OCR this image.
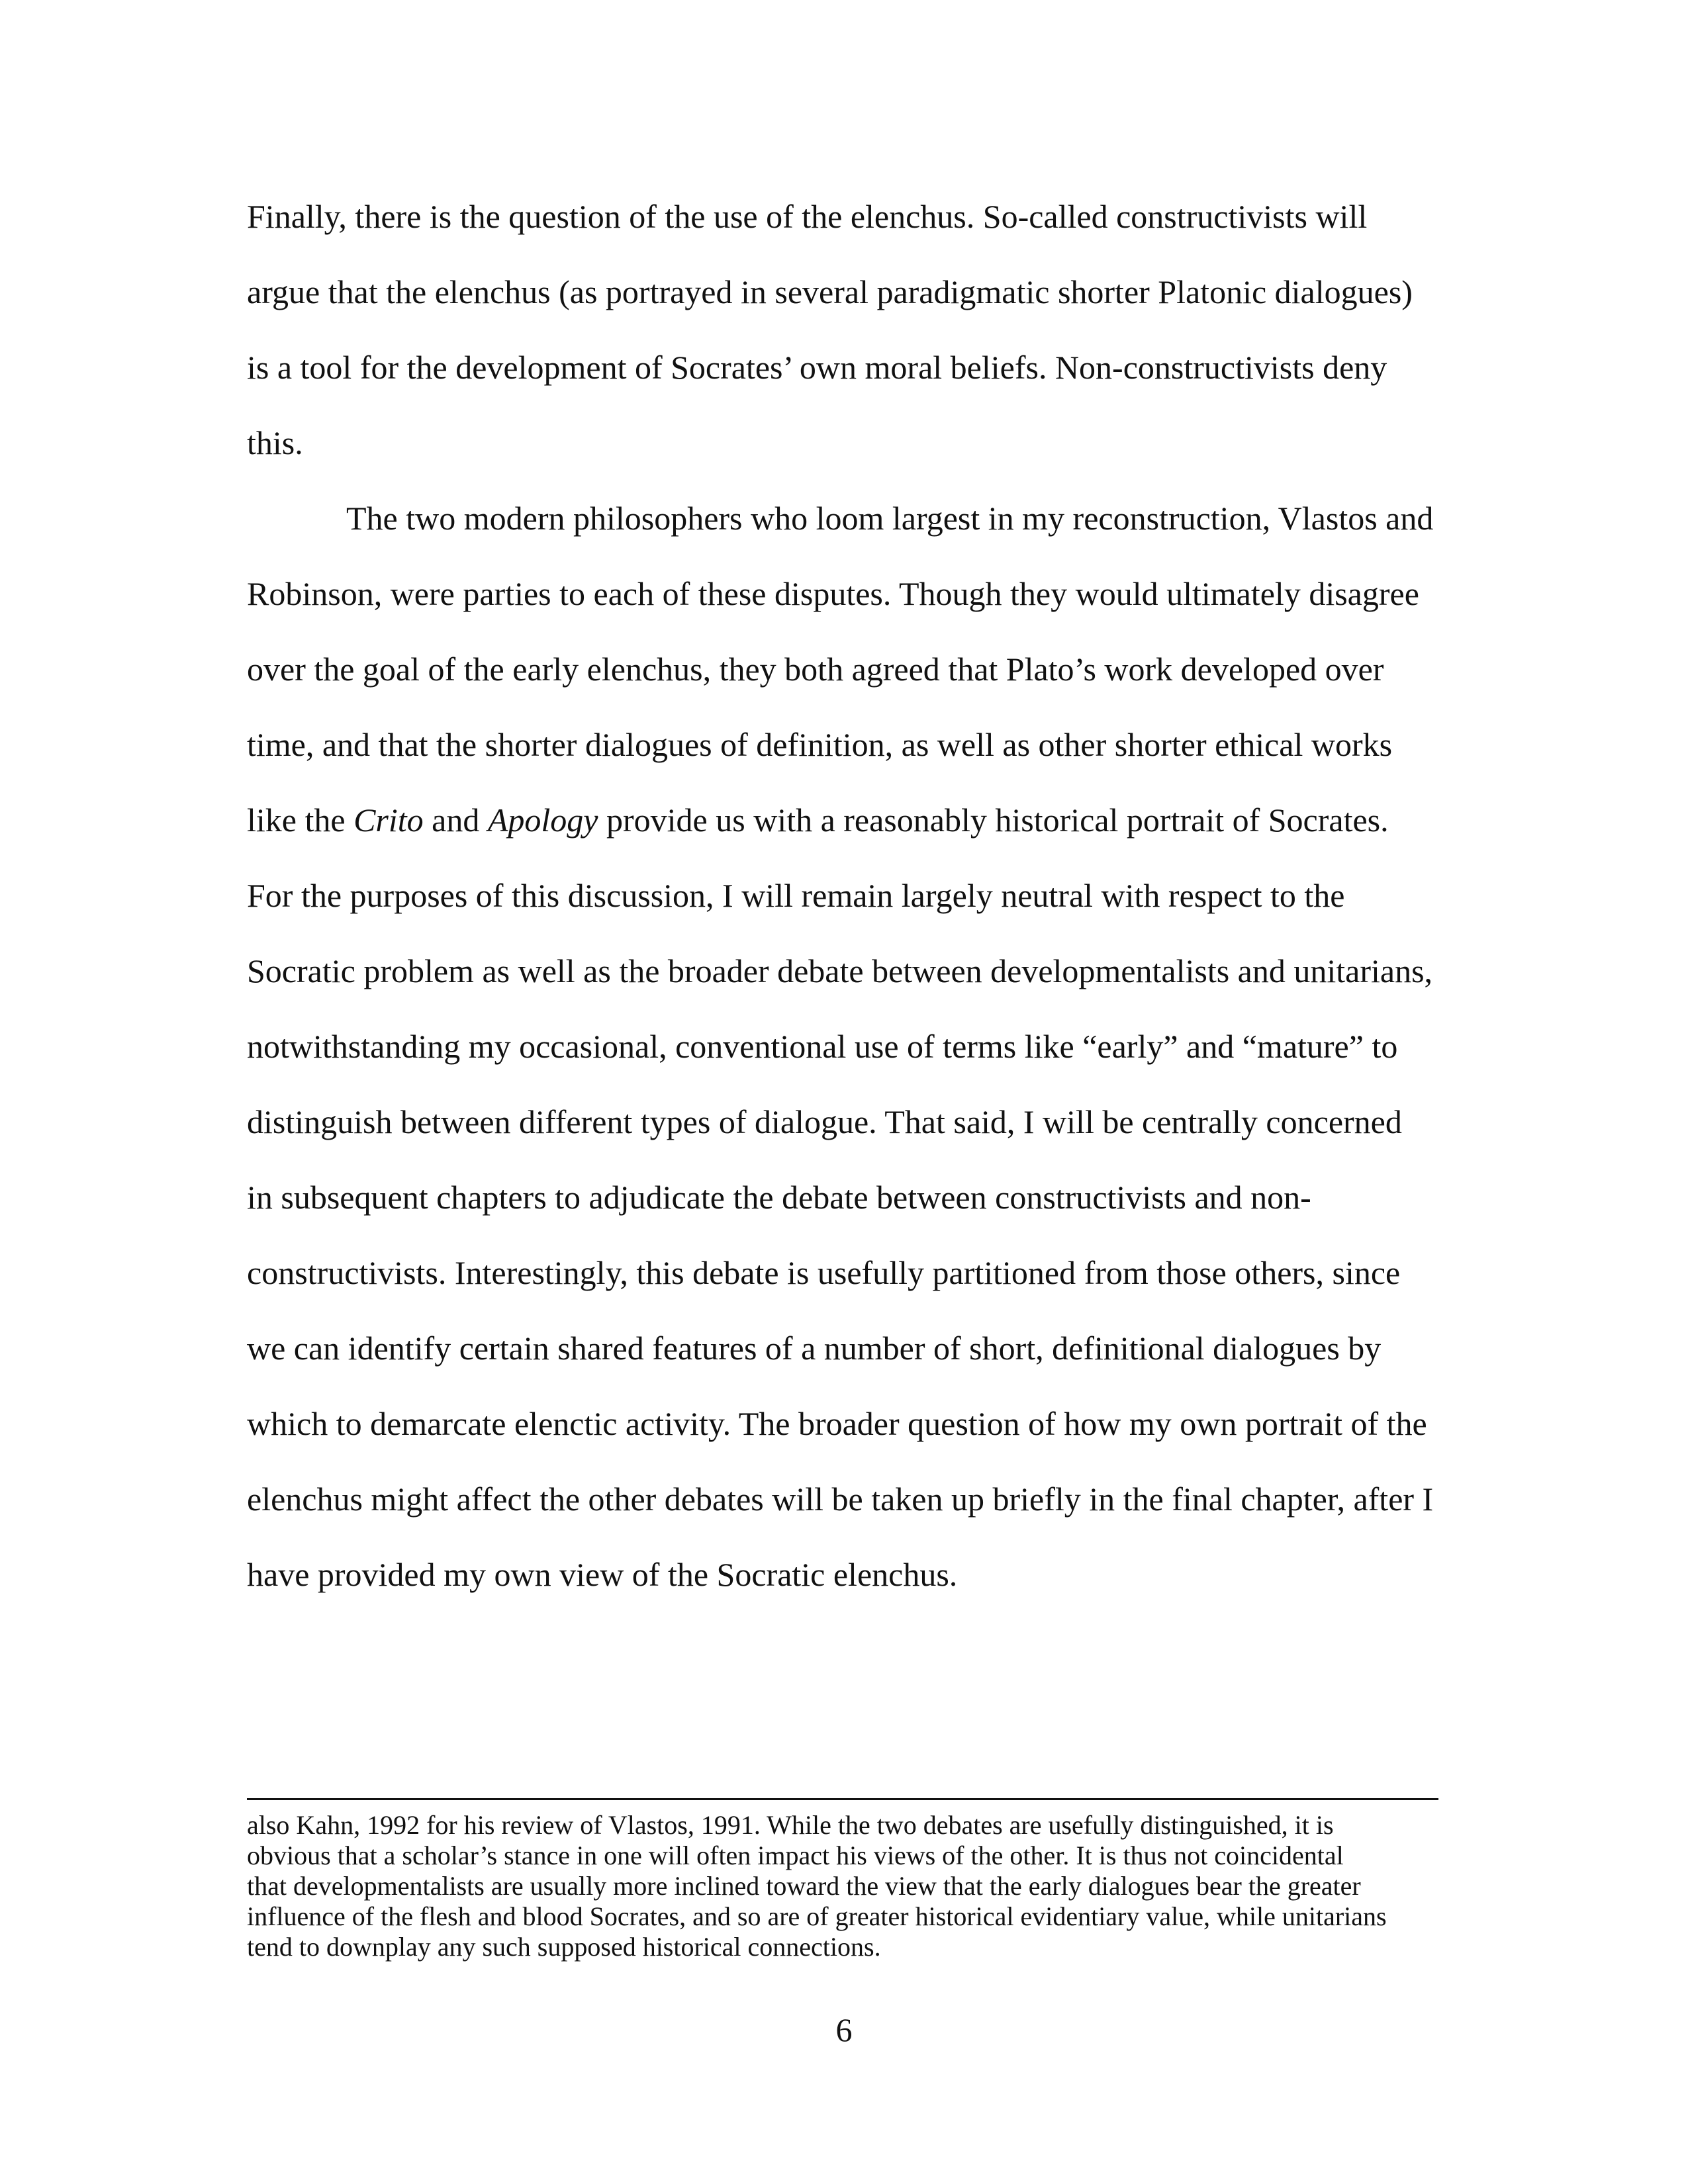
Finally, there is the question of the use of the elenchus. So-called constructivists will

argue that the elenchus (as portrayed in several paradigmatic shorter Platonic dialogues)

is a tool for the development of Socrates’ own moral beliefs. Non-constructivists deny

this.

The two modern philosophers who loom largest in my reconstruction, Vlastos and

Robinson, were parties to each of these disputes. Though they would ultimately disagree

over the goal of the early elenchus, they both agreed that Plato’s work developed over

time, and that the shorter dialogues of definition, as well as other shorter ethical works

like the Crito and Apology provide us with a reasonably historical portrait of Socrates.

For the purposes of this discussion, I will remain largely neutral with respect to the

Socratic problem as well as the broader debate between developmentalists and unitarians,

notwithstanding my occasional, conventional use of terms like “early” and “mature” to

distinguish between different types of dialogue. That said, I will be centrally concerned

in subsequent chapters to adjudicate the debate between constructivists and non-

constructivists. Interestingly, this debate is usefully partitioned from those others, since

we can identify certain shared features of a number of short, definitional dialogues by

which to demarcate elenctic activity. The broader question of how my own portrait of the

elenchus might affect the other debates will be taken up briefly in the final chapter, after I

have provided my own view of the Socratic elenchus.

also Kahn, 1992 for his review of Vlastos, 1991. While the two debates are usefully distinguished, it is

obvious that a scholar’s stance in one will often impact his views of the other. It is thus not coincidental

that developmentalists are usually more inclined toward the view that the early dialogues bear the greater

influence of the flesh and blood Socrates, and so are of greater historical evidentiary value, while unitarians

tend to downplay any such supposed historical connections.

6
